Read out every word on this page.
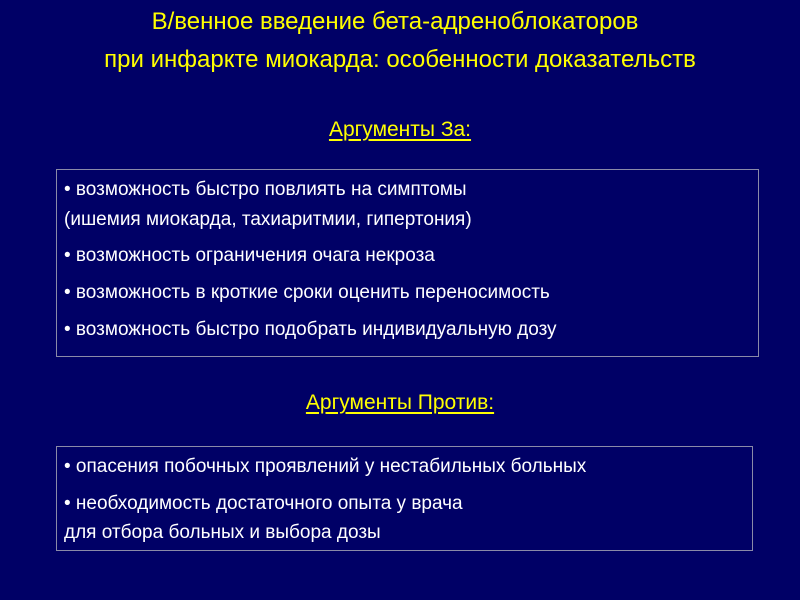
В/венное введение бета-адреноблокаторов
при инфаркте миокарда: особенности доказательств
Аргументы За:
• возможность быстро повлиять на симптомы
(ишемия миокарда, тахиаритмии, гипертония)
• возможность ограничения очага некроза
• возможность в кроткие сроки оценить переносимость
• возможность быстро подобрать индивидуальную дозу
Аргументы Против:
• опасения побочных проявлений у нестабильных больных
• необходимость достаточного опыта у врача
для отбора больных и выбора дозы
